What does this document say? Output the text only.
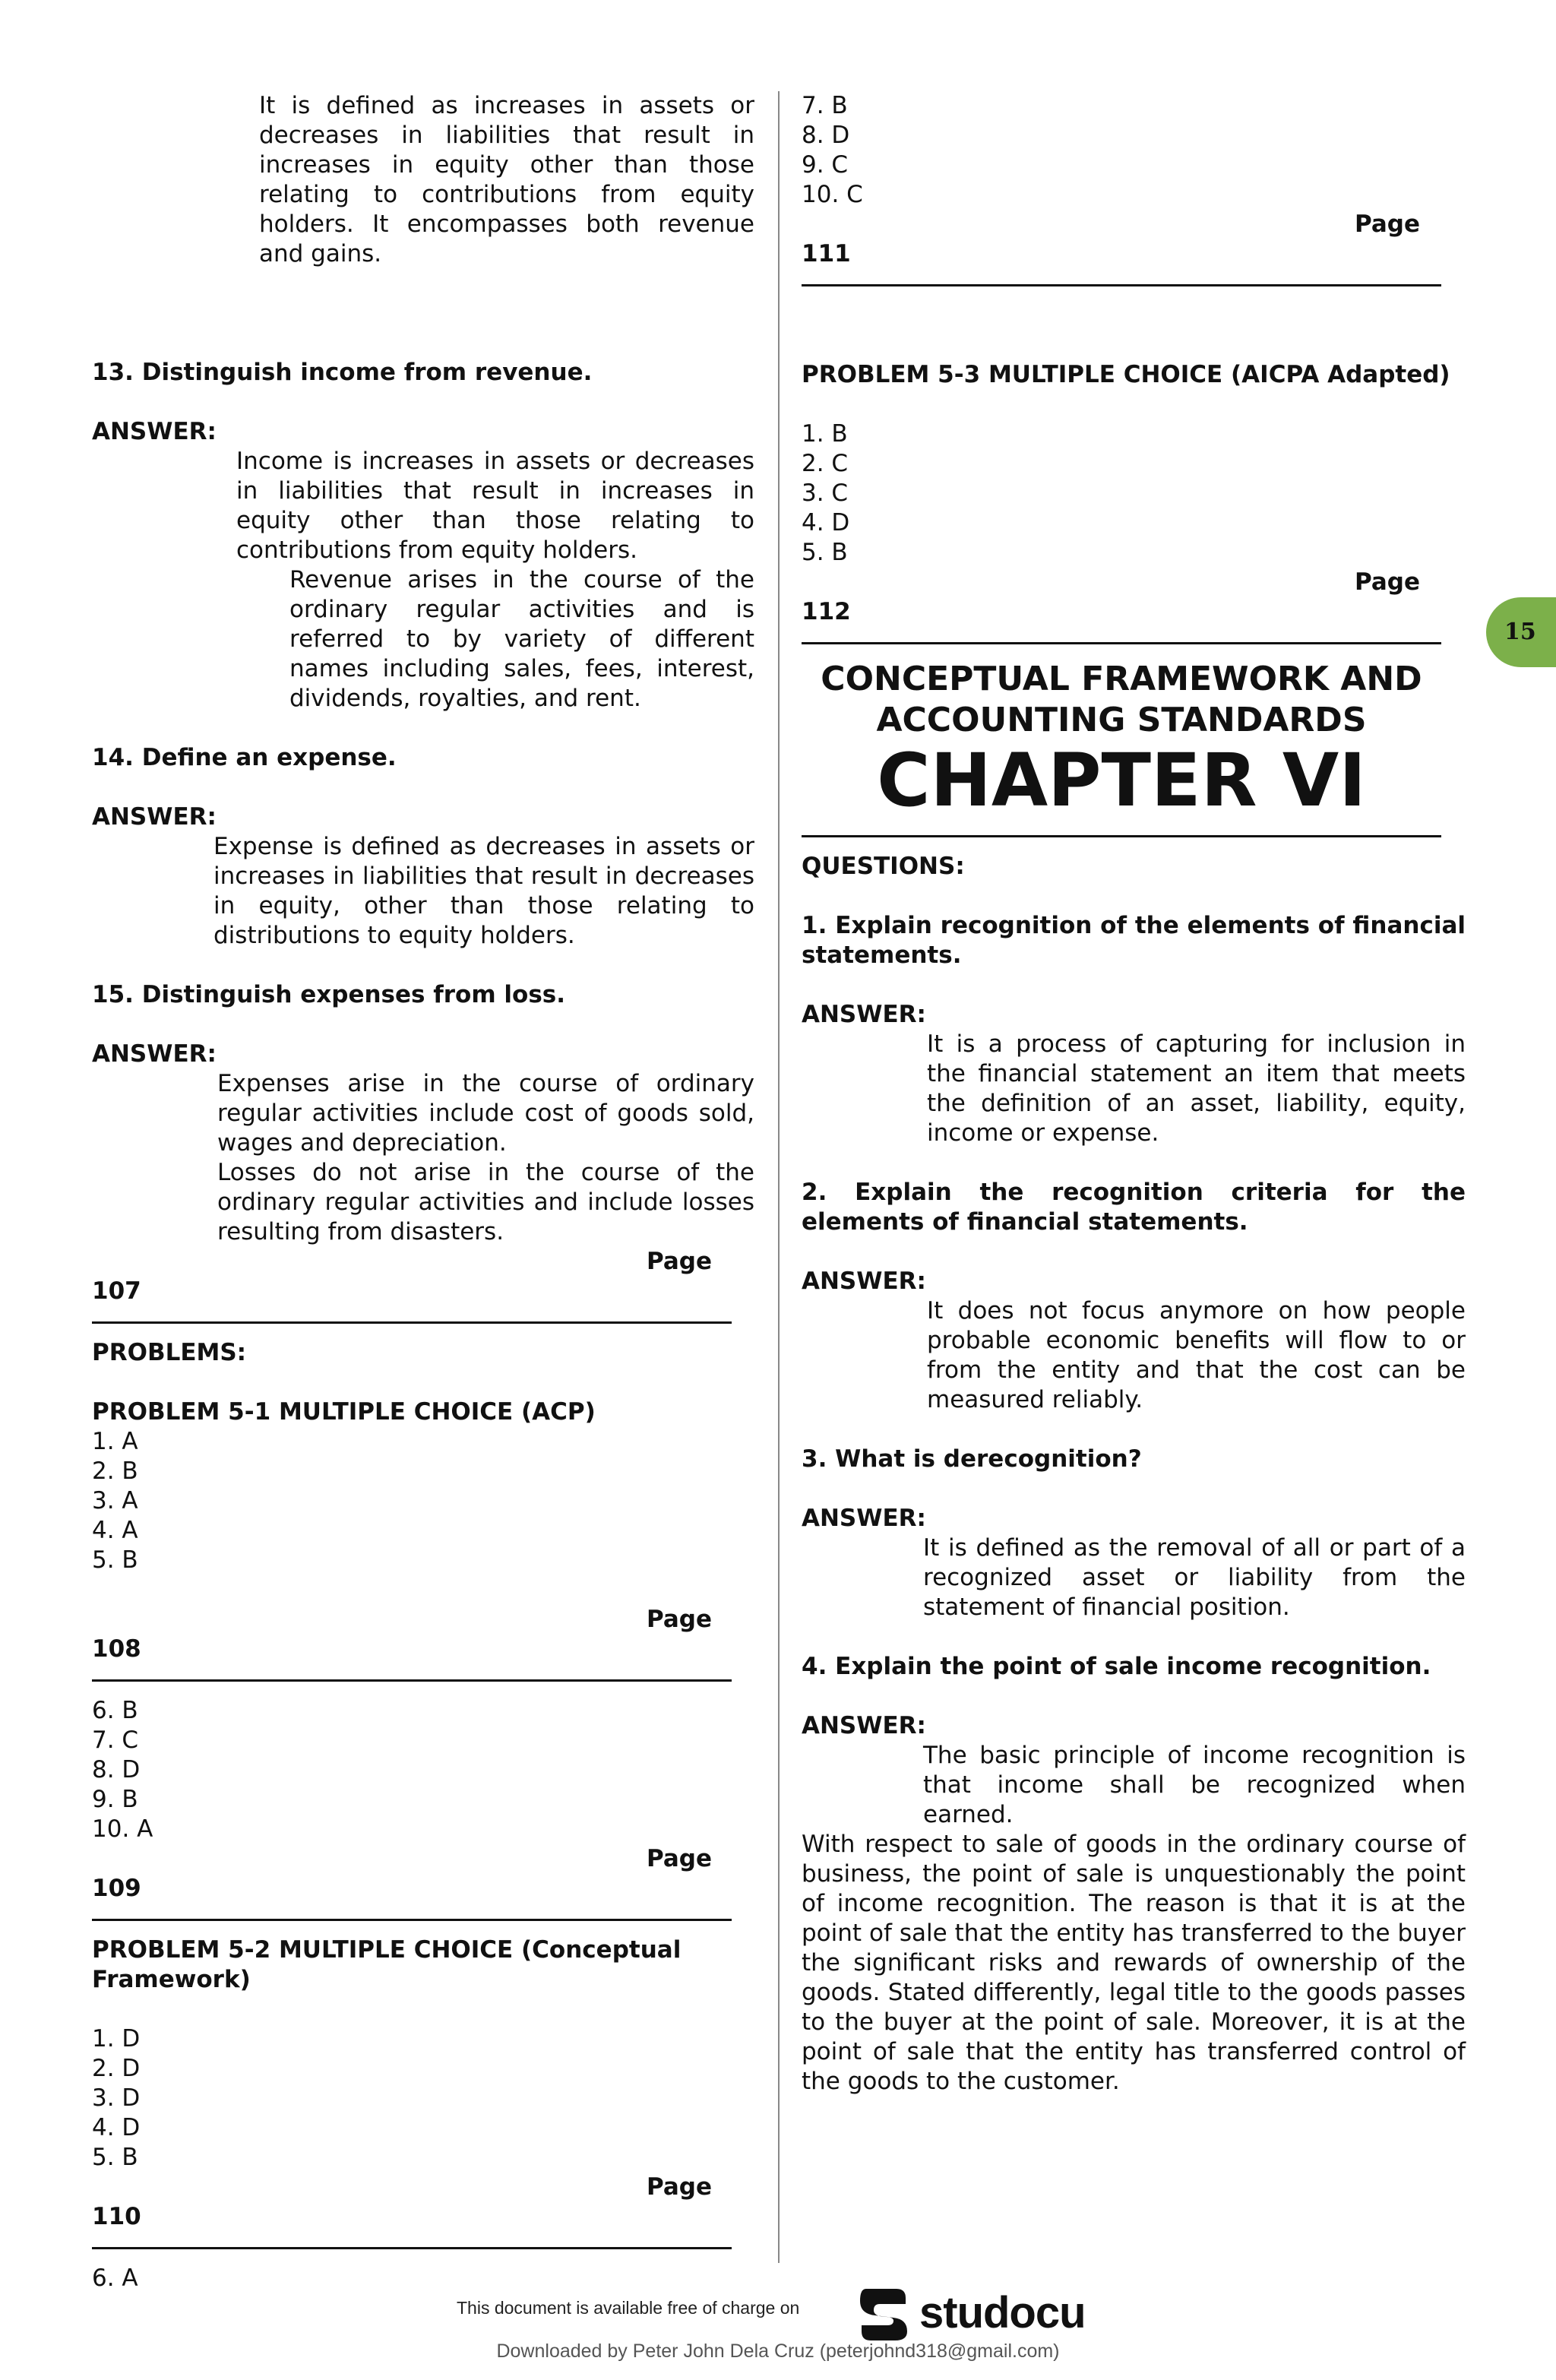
It is defined as increases in assets or decreases in liabilities that result in increases in equity other than those relating to contributions from equity holders. It encompasses both revenue and gains.

13. Distinguish income from revenue.

ANSWER:

Income is increases in assets or decreases in liabilities that result in increases in equity other than those relating to contributions from equity holders.

Revenue arises in the course of the ordinary regular activities and is referred to by variety of different names including sales, fees, interest, dividends, royalties, and rent.

14. Define an expense.

ANSWER:

Expense is defined as decreases in assets or increases in liabilities that result in decreases in equity, other than those relating to distributions to equity holders.

15. Distinguish expenses from loss.

ANSWER:

Expenses arise in the course of ordinary regular activities include cost of goods sold, wages and depreciation.

Losses do not arise in the course of the ordinary regular activities and include losses resulting from disasters.

Page

107

PROBLEMS:

PROBLEM 5-1 MULTIPLE CHOICE (ACP)

1. A

2. B

3. A

4. A

5. B

Page

108

6. B

7. C

8. D

9. B

10. A

Page

109

PROBLEM 5-2 MULTIPLE CHOICE (Conceptual Framework)

1. D

2. D

3. D

4. D

5. B

Page

110

6. A

7. B

8. D

9. C

10. C

Page

111

PROBLEM 5-3 MULTIPLE CHOICE (AICPA Adapted)

1. B

2. C

3. C

4. D

5. B

Page

112

CONCEPTUAL FRAMEWORK AND ACCOUNTING STANDARDS

CHAPTER VI

QUESTIONS:

1. Explain recognition of the elements of financial statements.

ANSWER:

It is a process of capturing for inclusion in the financial statement an item that meets the definition of an asset, liability, equity, income or expense.

2. Explain the recognition criteria for the elements of financial statements.

ANSWER:

It does not focus anymore on how people probable economic benefits will flow to or from the entity and that the cost can be measured reliably.

3. What is derecognition?

ANSWER:

It is defined as the removal of all or part of a recognized asset or liability from the statement of financial position.

4. Explain the point of sale income recognition.

ANSWER:

The basic principle of income recognition is that income shall be recognized when earned.

With respect to sale of goods in the ordinary course of business, the point of sale is unquestionably the point of income recognition. The reason is that it is at the point of sale that the entity has transferred to the buyer the significant risks and rewards of ownership of the goods. Stated differently, legal title to the goods passes to the buyer at the point of sale. Moreover, it is at the point of sale that the entity has transferred control of the goods to the customer.

15
This document is available free of charge on	studocu
Downloaded by Peter John Dela Cruz (peterjohnd318@gmail.com)
